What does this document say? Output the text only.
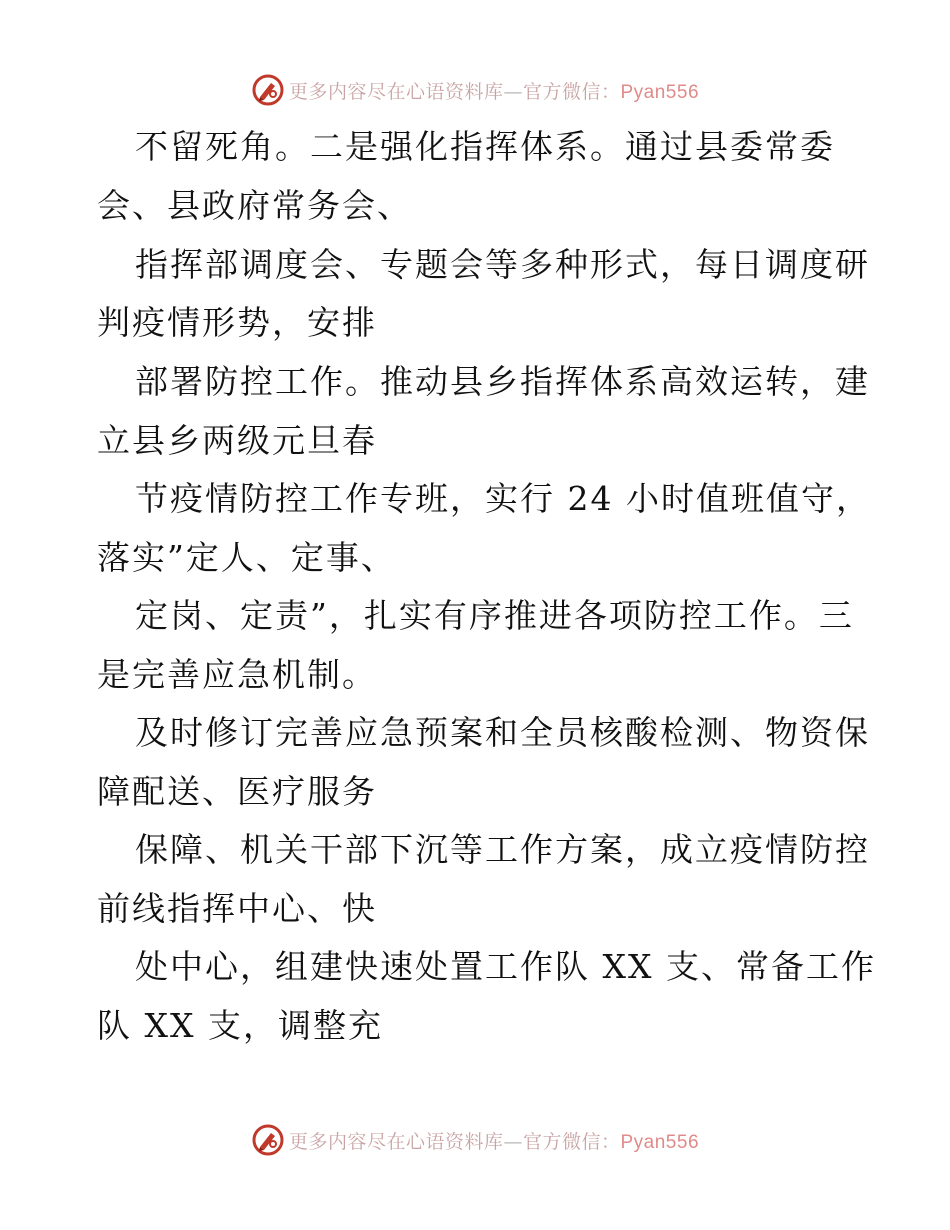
更多内容尽在心语资料库—官方微信：Pyan556
不留死角。二是强化指挥体系。通过县委常委
会、县政府常务会、
指挥部调度会、专题会等多种形式，每日调度研
判疫情形势，安排
部署防控工作。推动县乡指挥体系高效运转，建
立县乡两级元旦春
节疫情防控工作专班，实行 24 小时值班值守，
落实”定人、定事、
定岗、定责”，扎实有序推进各项防控工作。三
是完善应急机制。
及时修订完善应急预案和全员核酸检测、物资保
障配送、医疗服务
保障、机关干部下沉等工作方案，成立疫情防控
前线指挥中心、快
处中心，组建快速处置工作队 XX 支、常备工作
队 XX 支，调整充
更多内容尽在心语资料库—官方微信：Pyan556
